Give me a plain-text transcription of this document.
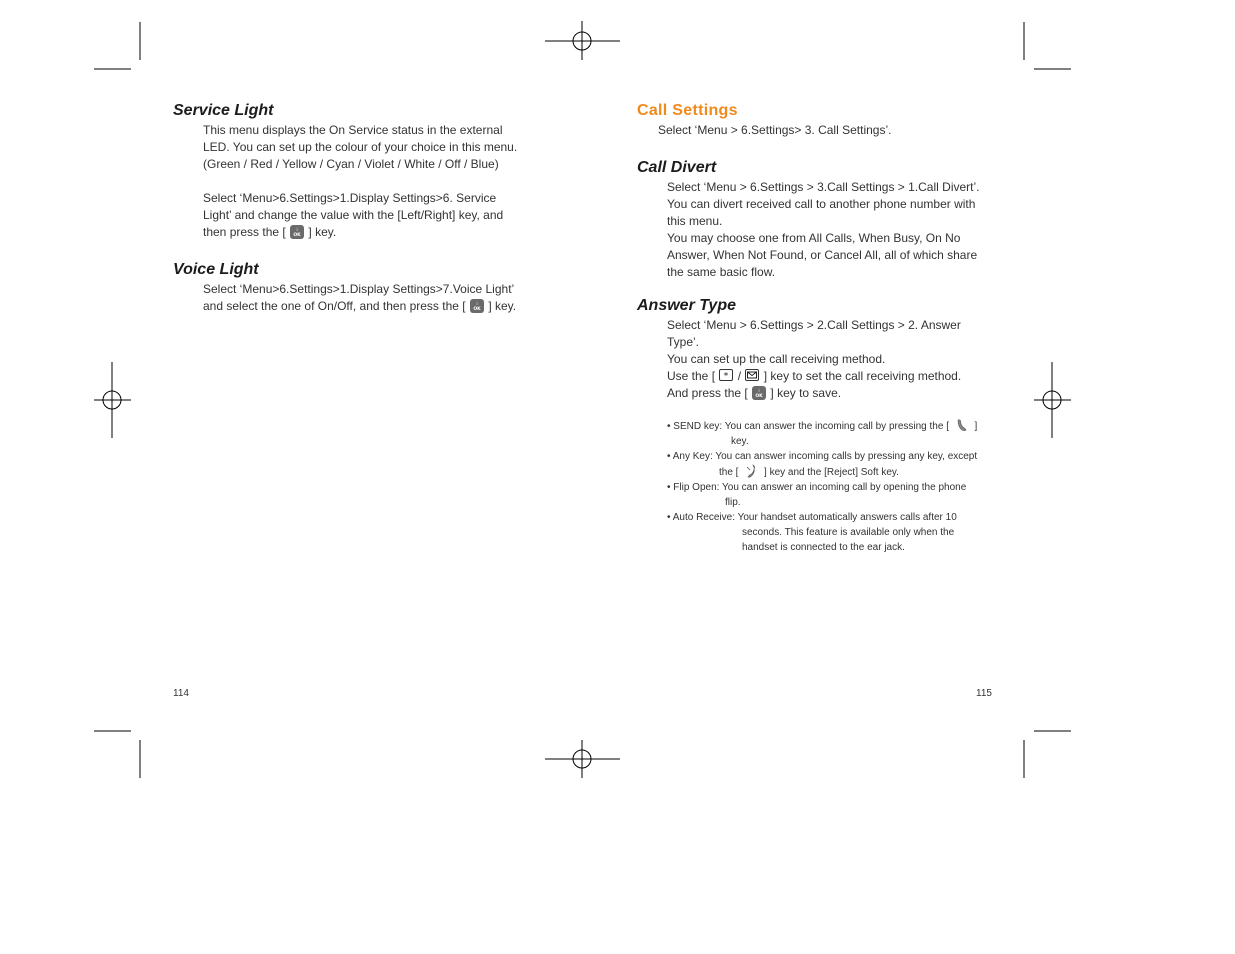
Service Light

This menu displays the On Service status in the external
LED. You can set up the colour of your choice in this menu.
(Green / Red / Yellow / Cyan / Violet / White / Off / Blue)
Select ‘Menu>6.Settings>1.Display Settings>6. Service
Light’ and change the value with the [Left/Right] key, and
then press the [	i
OK ] key.

Voice Light

Select ‘Menu>6.Settings>1.Display Settings>7.Voice Light’
and select the one of On/Off, and then press the [	i
OK ] key.

Call Settings

Select ‘Menu > 6.Settings> 3. Call Settings’.

Call Divert

Select ‘Menu > 6.Settings > 3.Call Settings > 1.Call Divert’.
You can divert received call to another phone number with
this menu.
You may choose one from All Calls, When Busy, On No
Answer, When Not Found, or Cancel All, all of which share
the same basic flow.

Answer Type

Select ‘Menu > 6.Settings > 2.Call Settings > 2. Answer
Type’.
You can set up the call receiving method.
Use the [ * / ] key to set the call receiving method.
And press the [	i
OK ] key to save.

• SEND key: You can answer the incoming call by pressing the [	]
key.
• Any Key: You can answer incoming calls by pressing any key, except
the [	] key and the [Reject] Soft key.
• Flip Open: You can answer an incoming call by opening the phone
flip.
• Auto Receive: Your handset automatically answers calls after 10
seconds. This feature is available only when the
handset is connected to the ear jack.
114	115
